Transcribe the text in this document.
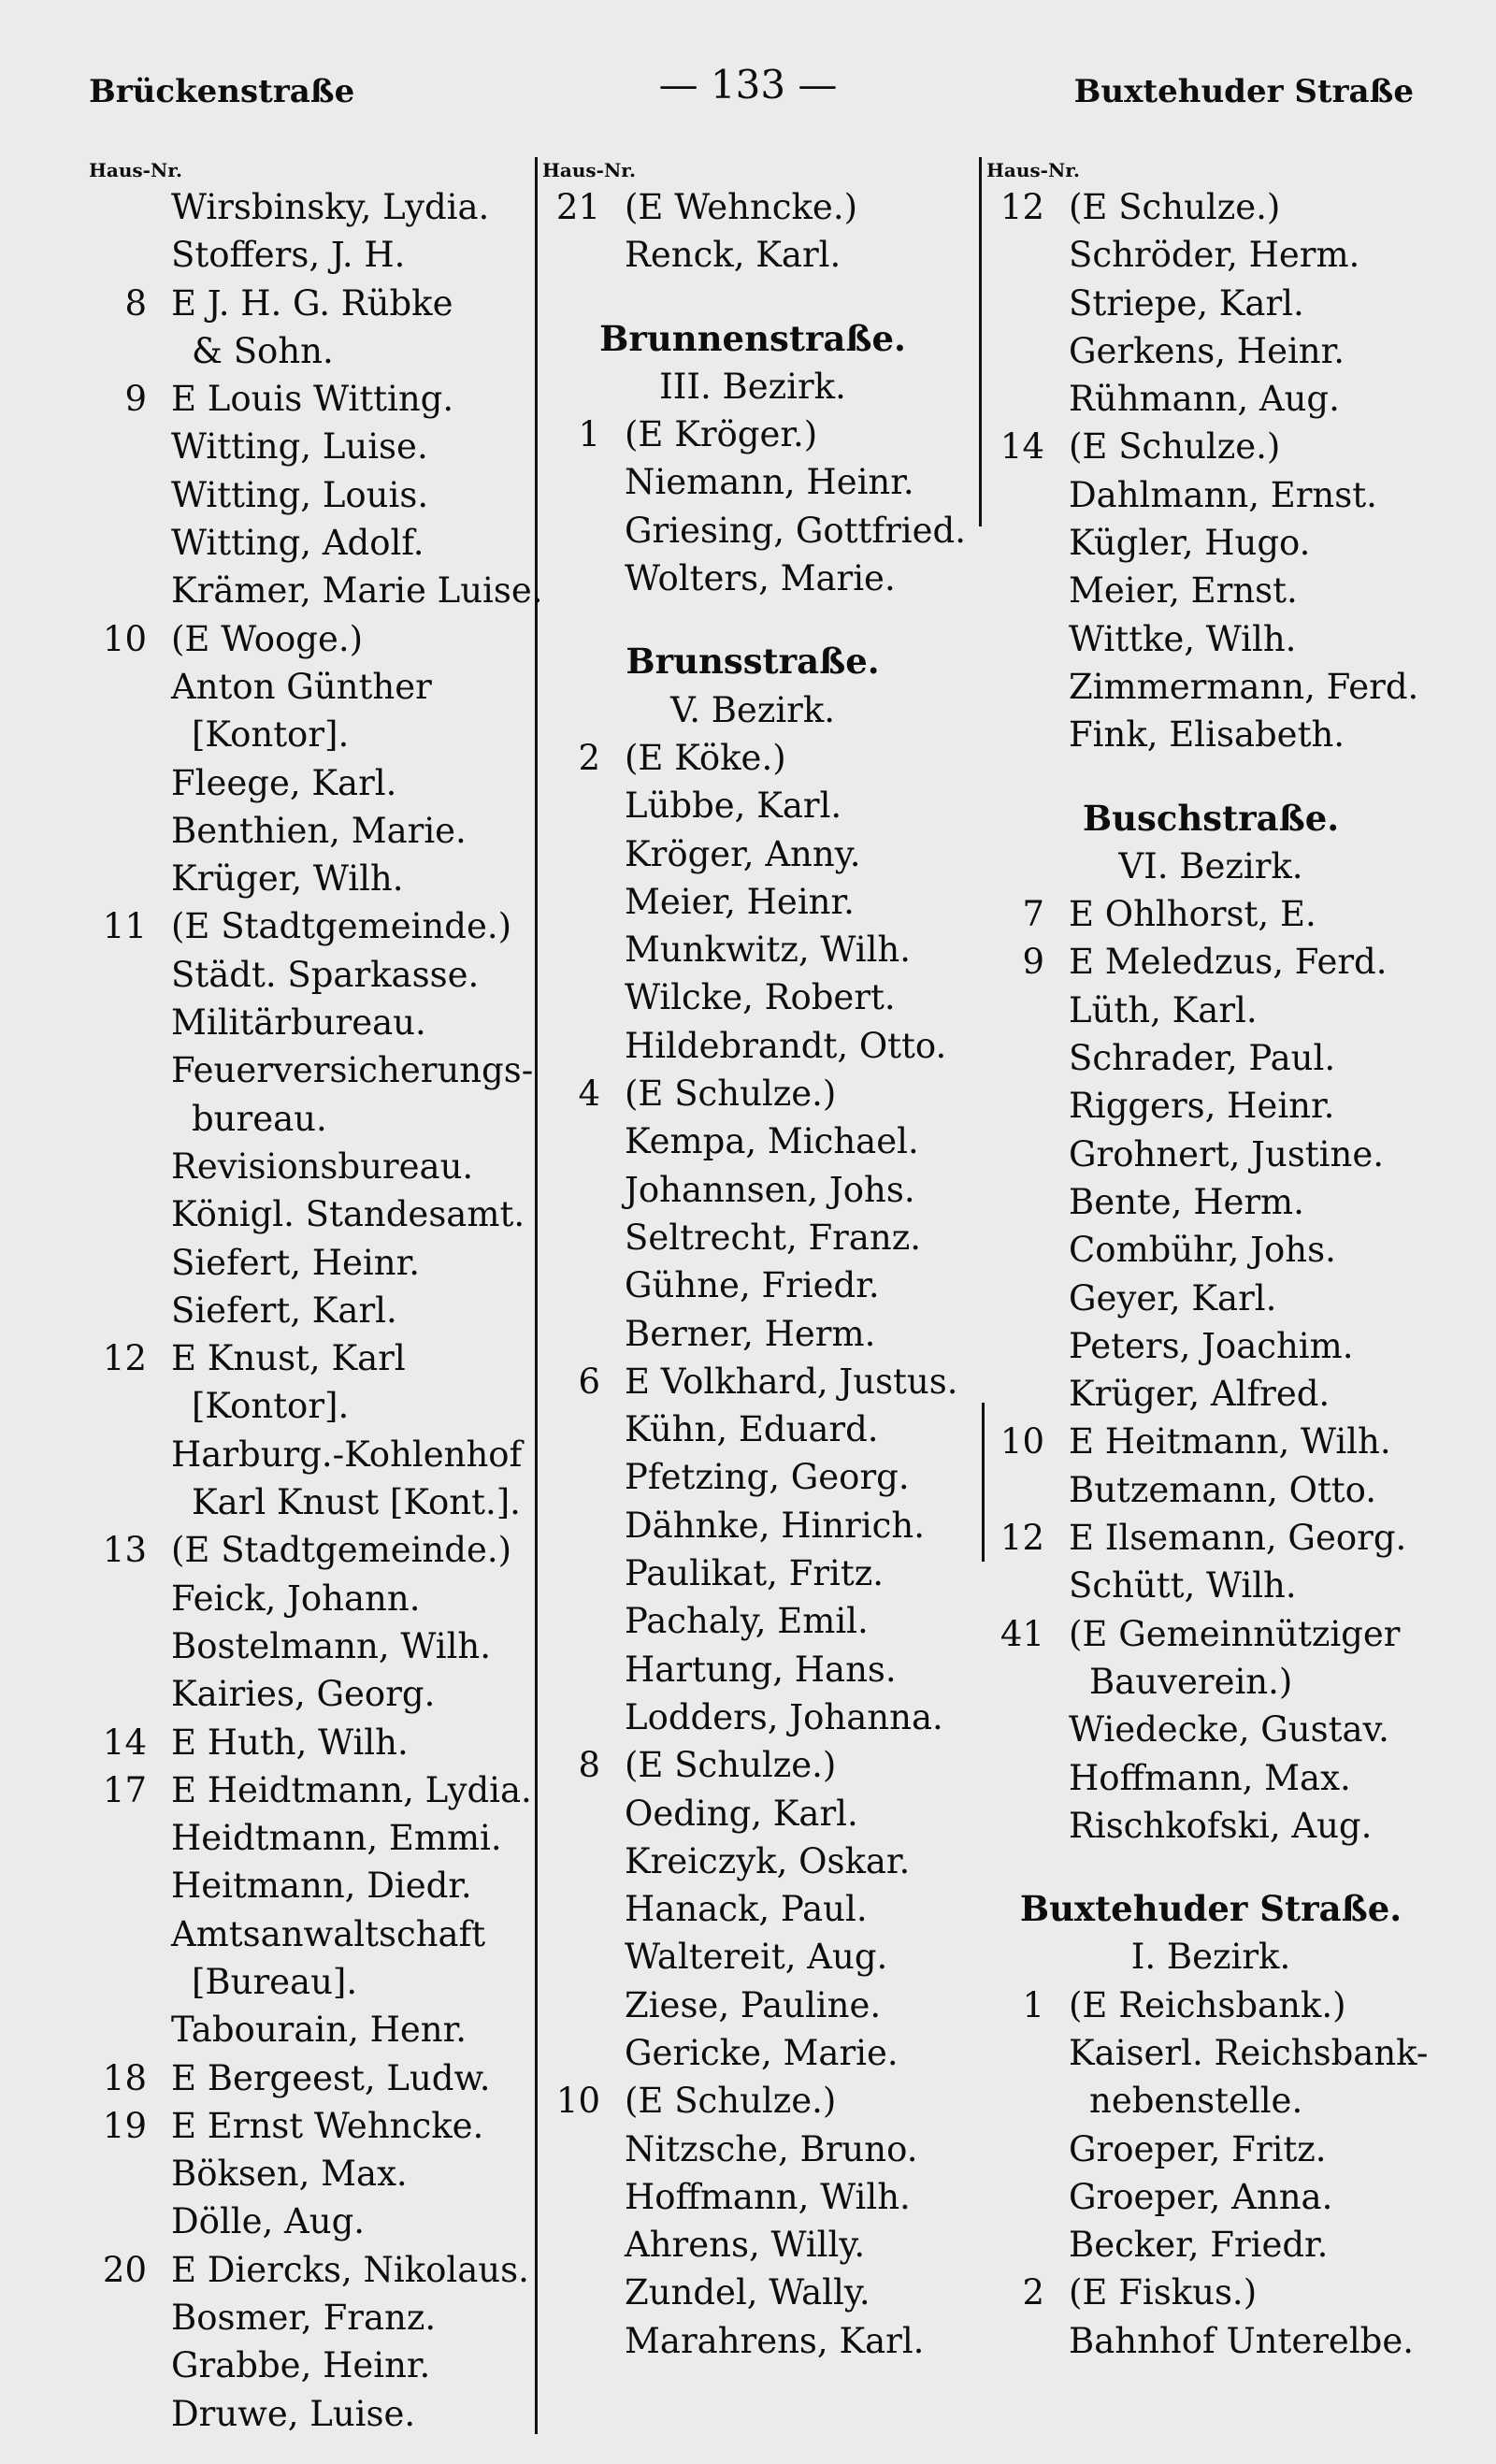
Brückenstraße	— 133 —	Buxtehuder Straße
Haus-Nr.
Wirsbinsky, Lydia.
Stoffers, J. H.
8 E J. H. G. Rübke
& Sohn.
9 E Louis Witting.
Witting, Luise.
Witting, Louis.
Witting, Adolf.
Krämer, Marie Luise.
10 (E Wooge.)
Anton Günther
[Kontor].
Fleege, Karl.
Benthien, Marie.
Krüger, Wilh.
11 (E Stadtgemeinde.)
Städt. Sparkasse.
Militärbureau.
Feuerversicherungs-
bureau.
Revisionsbureau.
Königl. Standesamt.
Siefert, Heinr.
Siefert, Karl.
12 E Knust, Karl
[Kontor].
Harburg.-Kohlenhof
Karl Knust [Kont.].
13 (E Stadtgemeinde.)
Feick, Johann.
Bostelmann, Wilh.
Kairies, Georg.
14 E Huth, Wilh.
17 E Heidtmann, Lydia.
Heidtmann, Emmi.
Heitmann, Diedr.
Amtsanwaltschaft
[Bureau].
Tabourain, Henr.
18 E Bergeest, Ludw.
19 E Ernst Wehncke.
Böksen, Max.
Dölle, Aug.
20 E Diercks, Nikolaus.
Bosmer, Franz.
Grabbe, Heinr.
Druwe, Luise.
Haus-Nr.
21 (E Wehncke.)
Renck, Karl.
Brunnenstraße.
III. Bezirk.
1 (E Kröger.)
Niemann, Heinr.
Griesing, Gottfried.
Wolters, Marie.
Brunsstraße.
V. Bezirk.
2 (E Köke.)
Lübbe, Karl.
Kröger, Anny.
Meier, Heinr.
Munkwitz, Wilh.
Wilcke, Robert.
Hildebrandt, Otto.
4 (E Schulze.)
Kempa, Michael.
Johannsen, Johs.
Seltrecht, Franz.
Gühne, Friedr.
Berner, Herm.
6 E Volkhard, Justus.
Kühn, Eduard.
Pfetzing, Georg.
Dähnke, Hinrich.
Paulikat, Fritz.
Pachaly, Emil.
Hartung, Hans.
Lodders, Johanna.
8 (E Schulze.)
Oeding, Karl.
Kreiczyk, Oskar.
Hanack, Paul.
Waltereit, Aug.
Ziese, Pauline.
Gericke, Marie.
10 (E Schulze.)
Nitzsche, Bruno.
Hoffmann, Wilh.
Ahrens, Willy.
Zundel, Wally.
Marahrens, Karl.
Haus-Nr.
12 (E Schulze.)
Schröder, Herm.
Striepe, Karl.
Gerkens, Heinr.
Rühmann, Aug.
14 (E Schulze.)
Dahlmann, Ernst.
Kügler, Hugo.
Meier, Ernst.
Wittke, Wilh.
Zimmermann, Ferd.
Fink, Elisabeth.
Buschstraße.
VI. Bezirk.
7 E Ohlhorst, E.
9 E Meledzus, Ferd.
Lüth, Karl.
Schrader, Paul.
Riggers, Heinr.
Grohnert, Justine.
Bente, Herm.
Combühr, Johs.
Geyer, Karl.
Peters, Joachim.
Krüger, Alfred.
10 E Heitmann, Wilh.
Butzemann, Otto.
12 E Ilsemann, Georg.
Schütt, Wilh.
41 (E Gemeinnütziger
Bauverein.)
Wiedecke, Gustav.
Hoffmann, Max.
Rischkofski, Aug.
Buxtehuder Straße.
I. Bezirk.
1 (E Reichsbank.)
Kaiserl. Reichsbank-
nebenstelle.
Groeper, Fritz.
Groeper, Anna.
Becker, Friedr.
2 (E Fiskus.)
Bahnhof Unterelbe.
